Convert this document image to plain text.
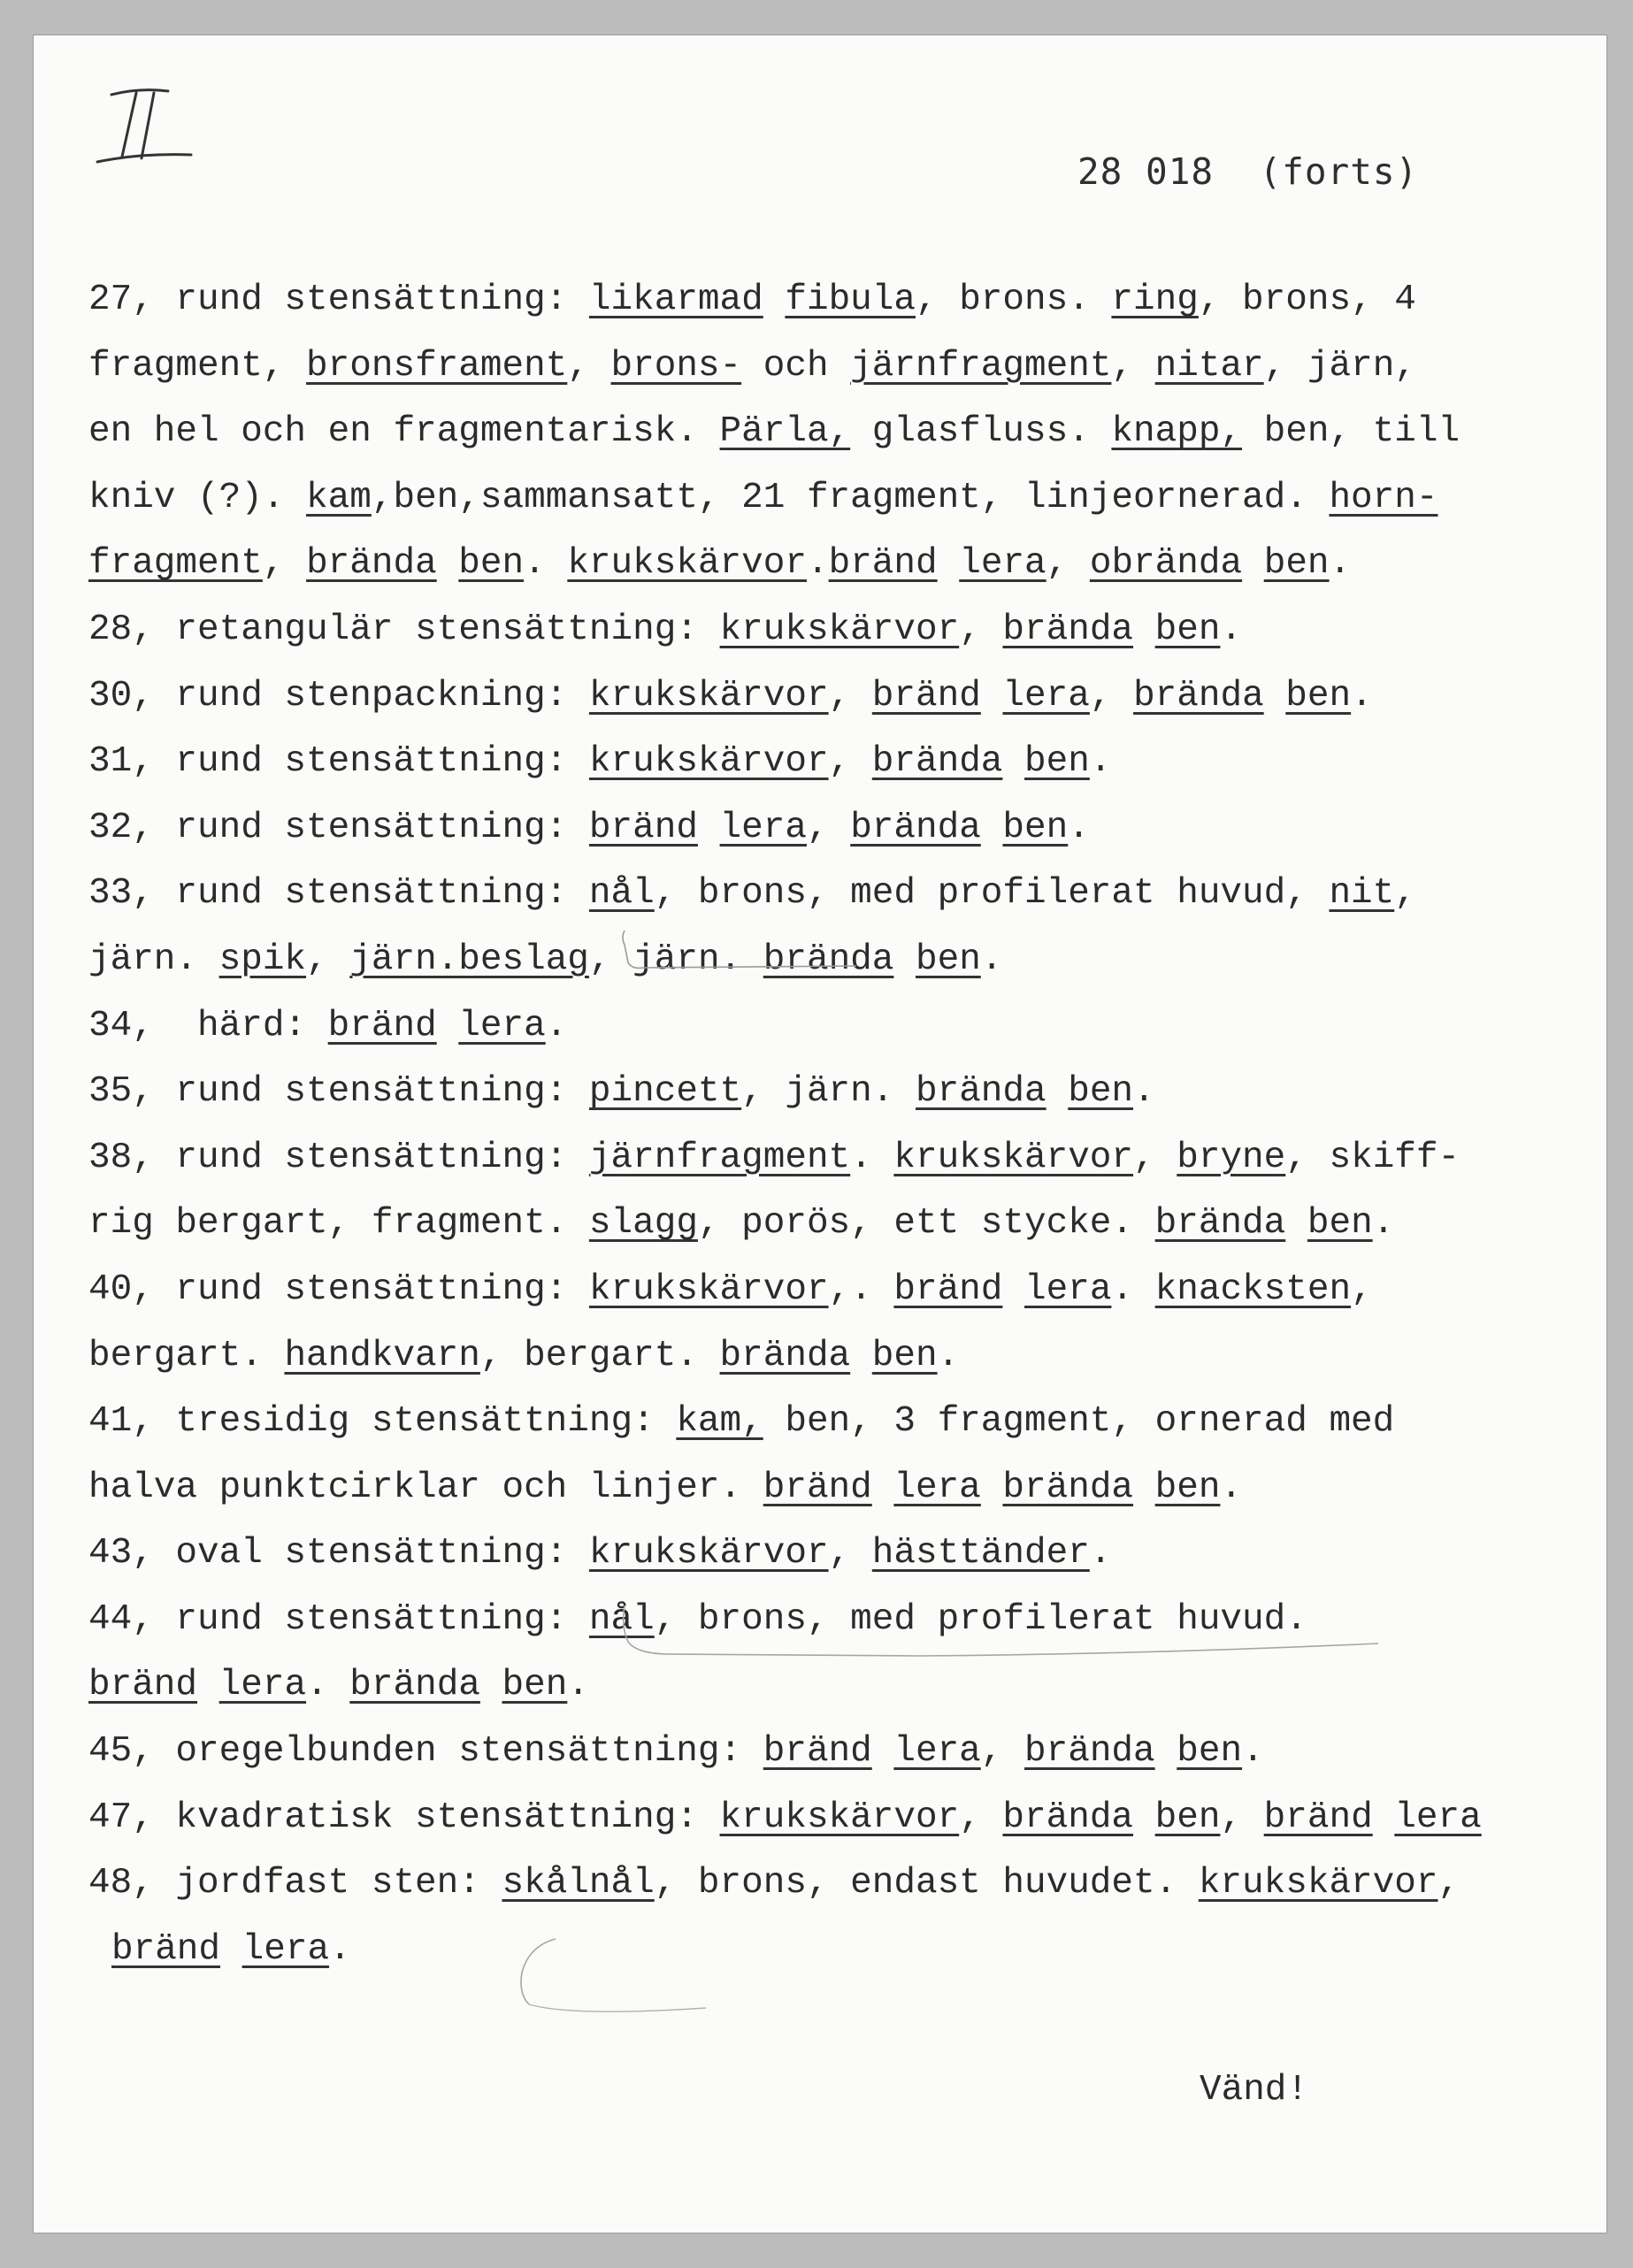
28 018  (forts)
27, rund stensättning: likarmad fibula, brons. ring, brons, 4
fragment, bronsframent, brons- och järnfragment, nitar, järn,
en hel och en fragmentarisk. Pärla, glasfluss. knapp, ben, till
kniv (?). kam,ben,sammansatt, 21 fragment, linjeornerad. horn-
fragment, brända ben. krukskärvor.bränd lera, obrända ben.
28, retangulär stensättning: krukskärvor, brända ben.
30, rund stenpackning: krukskärvor, bränd lera, brända ben.
31, rund stensättning: krukskärvor, brända ben.
32, rund stensättning: bränd lera, brända ben.
33, rund stensättning: nål, brons, med profilerat huvud, nit,
järn. spik, järn.beslag, järn. brända ben.
34,  härd: bränd lera.
35, rund stensättning: pincett, järn. brända ben.
38, rund stensättning: järnfragment. krukskärvor, bryne, skiff-
rig bergart, fragment. slagg, porös, ett stycke. brända ben.
40, rund stensättning: krukskärvor,. bränd lera. knacksten,
bergart. handkvarn, bergart. brända ben.
41, tresidig stensättning: kam, ben, 3 fragment, ornerad med
halva punktcirklar och linjer. bränd lera brända ben.
43, oval stensättning: krukskärvor, hästtänder.
44, rund stensättning: nål, brons, med profilerat huvud.
bränd lera. brända ben.
45, oregelbunden stensättning: bränd lera, brända ben.
47, kvadratisk stensättning: krukskärvor, brända ben, bränd lera
48, jordfast sten: skålnål, brons, endast huvudet. krukskärvor,
bränd lera.
Vänd!
